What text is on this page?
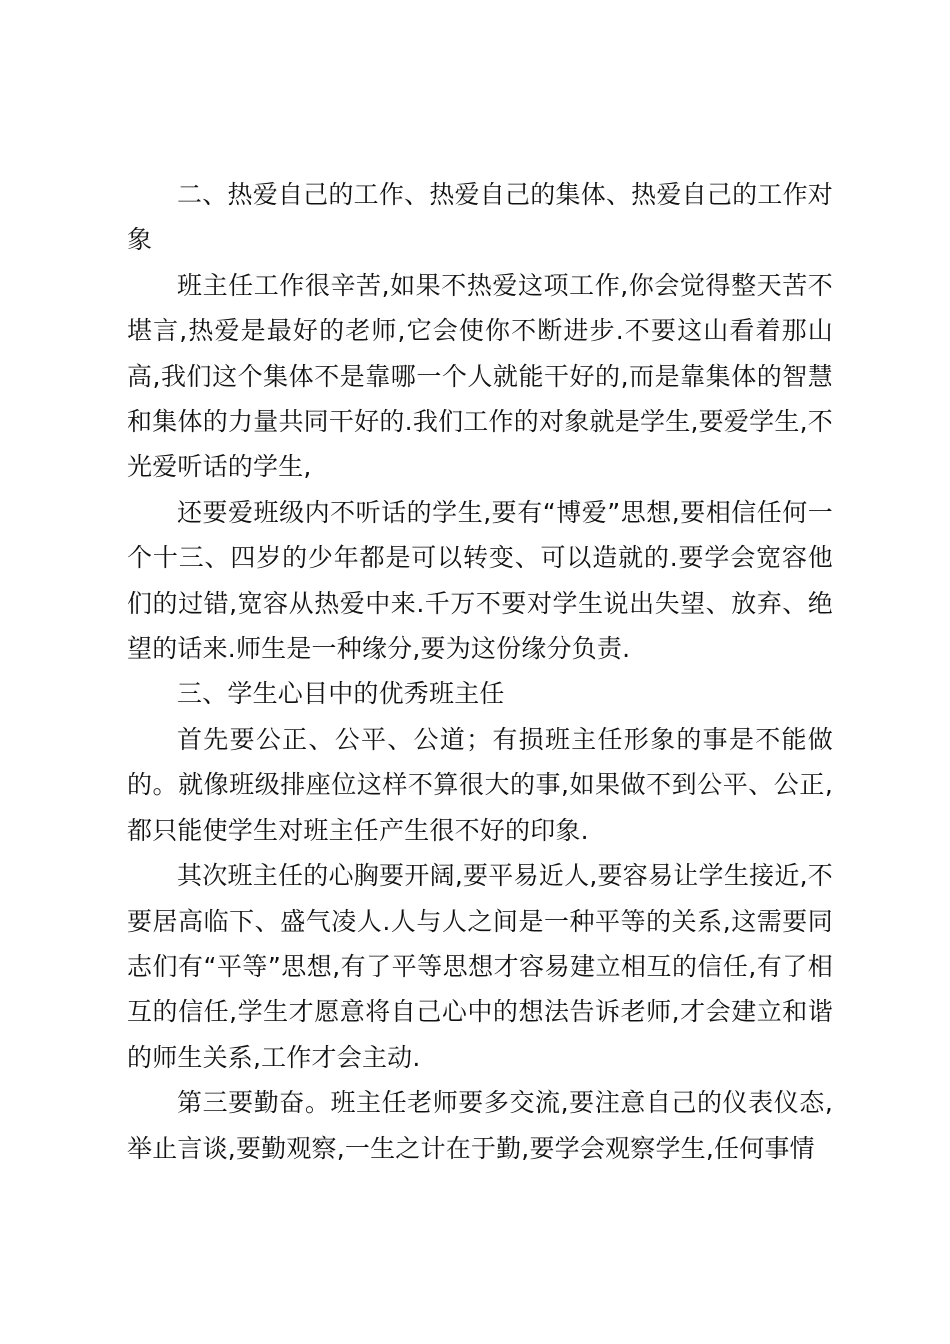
二、热爱自己的工作、热爱自己的集体、热爱自己的工作对象

班主任工作很辛苦,如果不热爱这项工作,你会觉得整天苦不堪言,热爱是最好的老师,它会使你不断进步.不要这山看着那山高,我们这个集体不是靠哪一个人就能干好的,而是靠集体的智慧和集体的力量共同干好的.我们工作的对象就是学生,要爱学生,不光爱听话的学生,

还要爱班级内不听话的学生,要有“博爱”思想,要相信任何一个十三、四岁的少年都是可以转变、可以造就的.要学会宽容他们的过错,宽容从热爱中来.千万不要对学生说出失望、放弃、绝望的话来.师生是一种缘分,要为这份缘分负责.

三、学生心目中的优秀班主任

首先要公正、公平、公道；有损班主任形象的事是不能做的。就像班级排座位这样不算很大的事,如果做不到公平、公正,都只能使学生对班主任产生很不好的印象.

其次班主任的心胸要开阔,要平易近人,要容易让学生接近,不要居高临下、盛气凌人.人与人之间是一种平等的关系,这需要同志们有“平等”思想,有了平等思想才容易建立相互的信任,有了相互的信任,学生才愿意将自己心中的想法告诉老师,才会建立和谐的师生关系,工作才会主动.

第三要勤奋。班主任老师要多交流,要注意自己的仪表仪态,举止言谈,要勤观察,一生之计在于勤,要学会观察学生,任何事情
